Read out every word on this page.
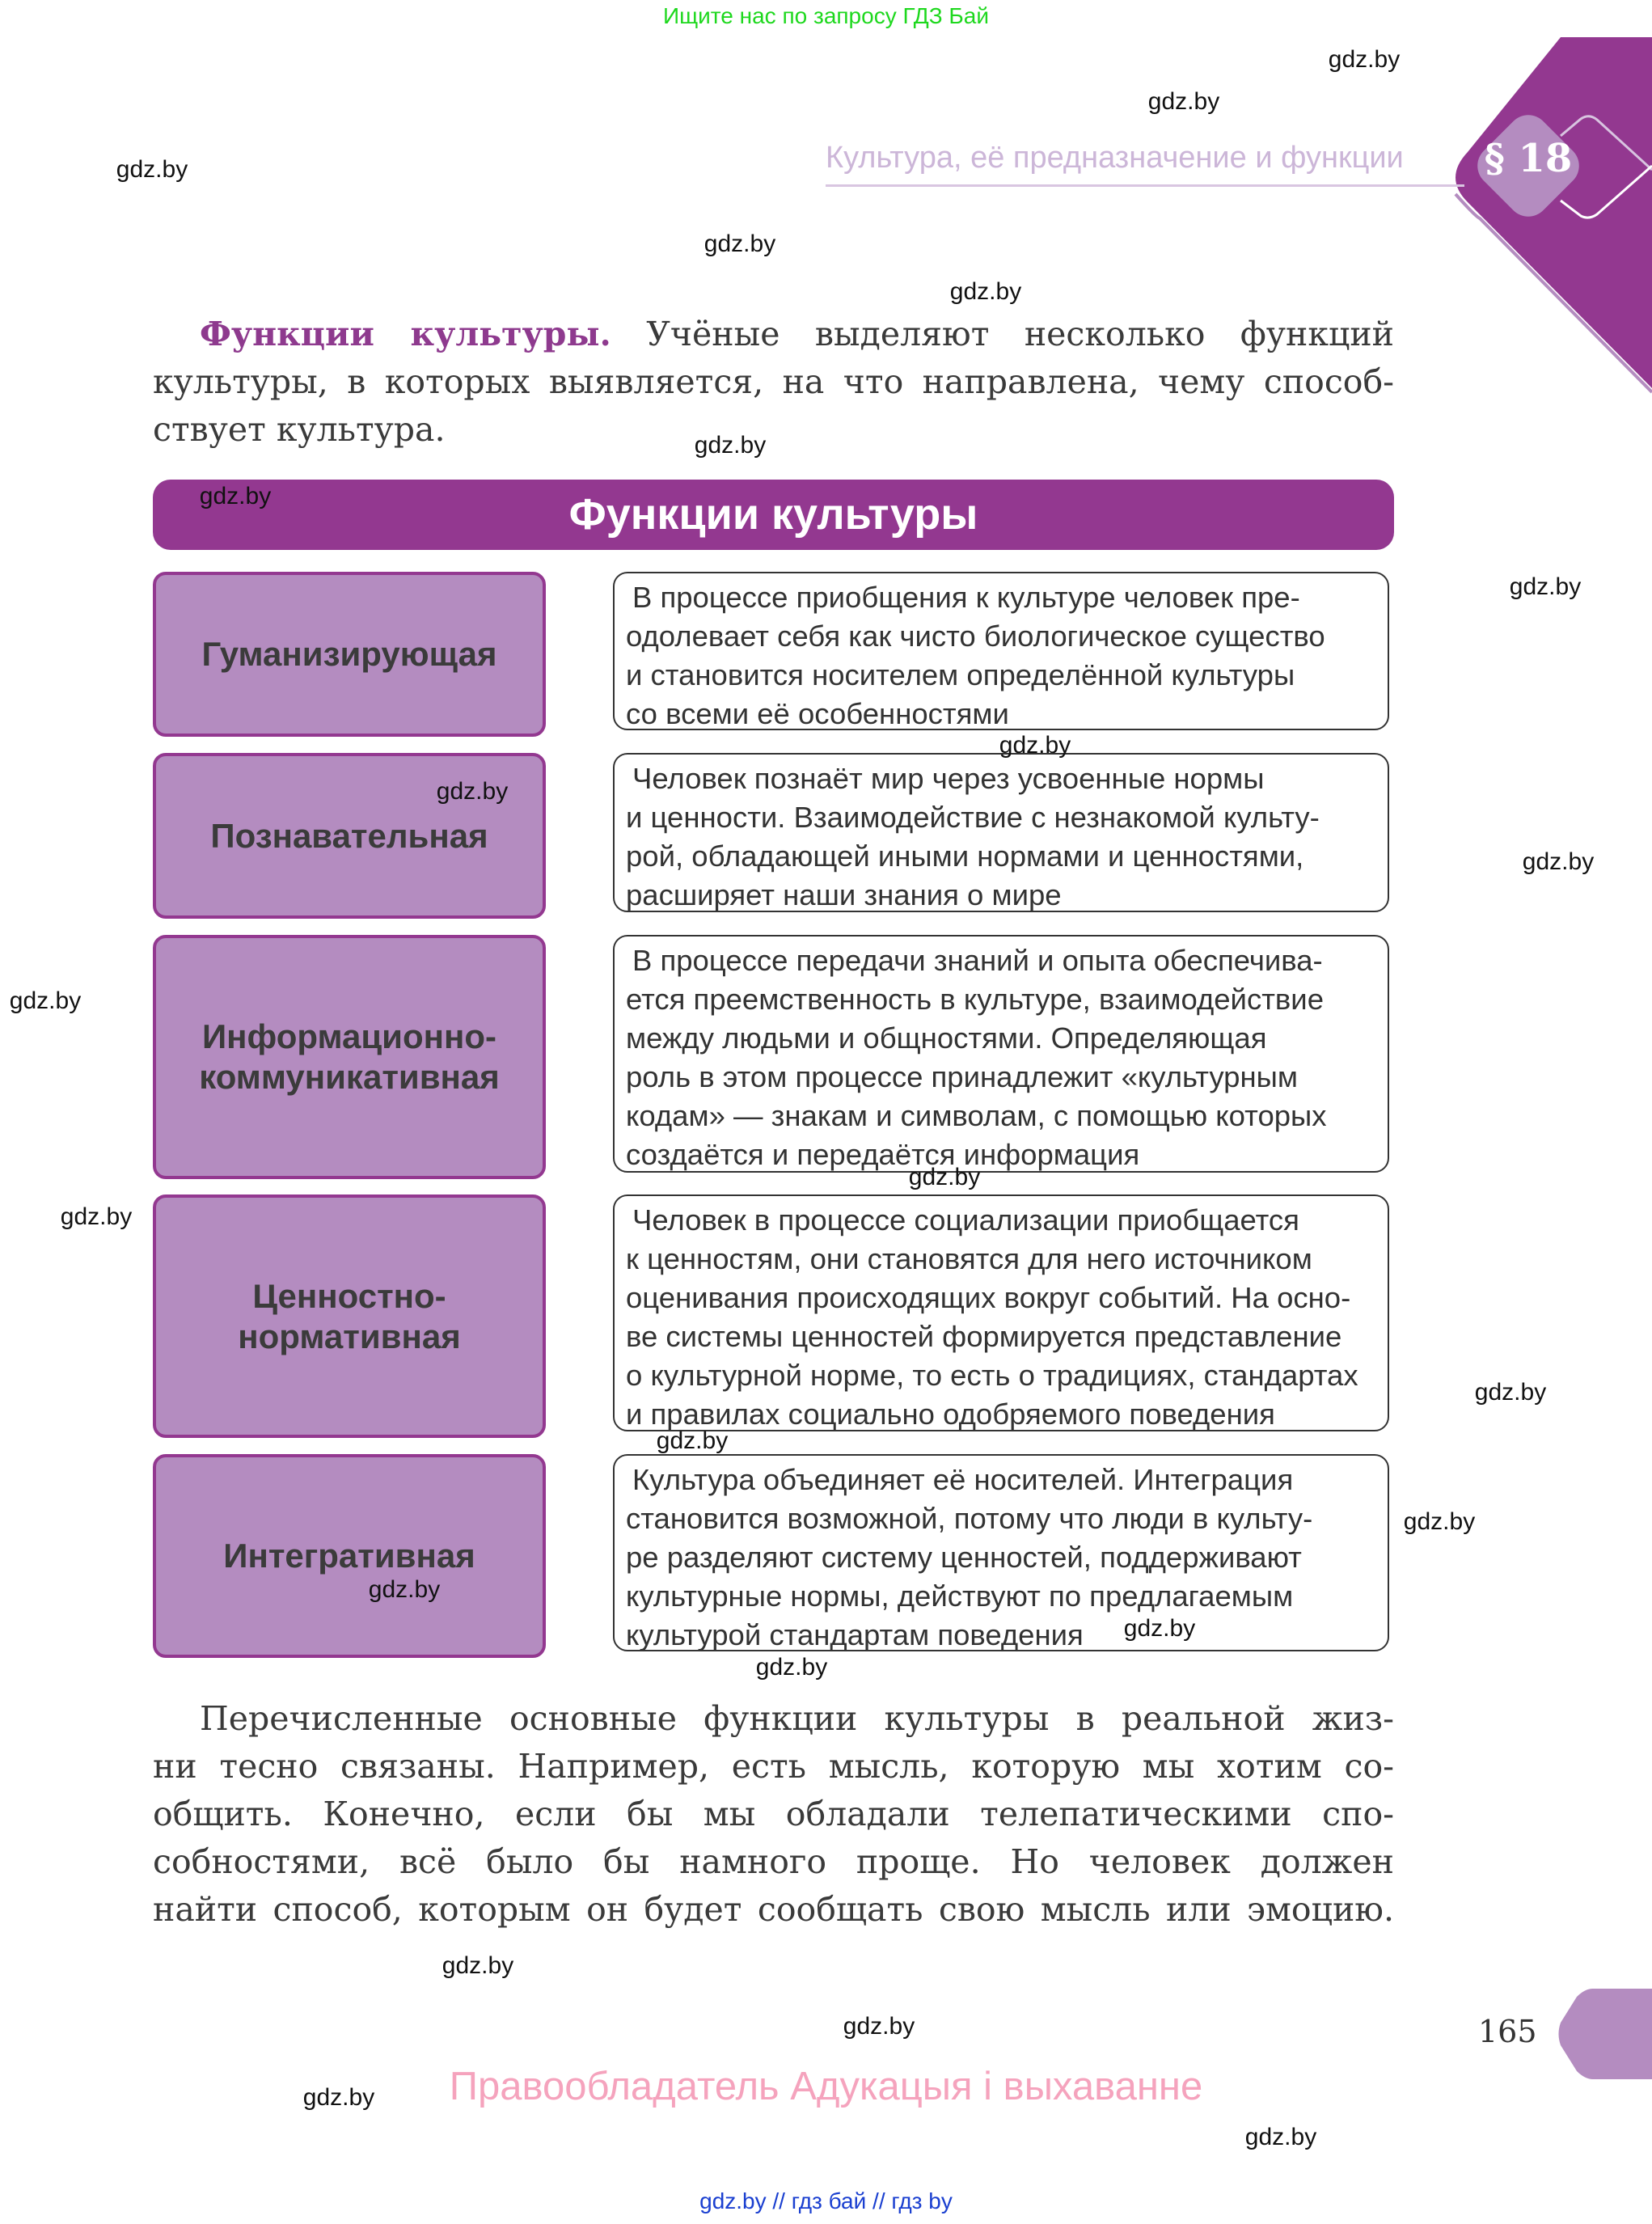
Ищите нас по запросу ГДЗ Бай
§ 18
Культура, её предназначение и функции
Функции культуры. Учёные выделяют несколько функций
культуры, в которых выявляется, на что направлена, чему способ-
ствует культура.
Функции культуры
Гуманизирующая
В процессе приобщения к культуре человек пре-
одолевает себя как чисто биологическое существо
и становится носителем определённой культуры
со всеми её особенностями
Познавательная
Человек познаёт мир через усвоенные нормы
и ценности. Взаимодействие с незнакомой культу-
рой, обладающей иными нормами и ценностями,
расширяет наши знания о мире
Информационно-
коммуникативная
В процессе передачи знаний и опыта обеспечива-
ется преемственность в культуре, взаимодействие
между людьми и общностями. Определяющая
роль в этом процессе принадлежит «культурным
кодам» — знакам и символам, с помощью которых
создаётся и передаётся информация
Ценностно-
нормативная
Человек в процессе социализации приобщается
к ценностям, они становятся для него источником
оценивания происходящих вокруг событий. На осно-
ве системы ценностей формируется представление
о культурной норме, то есть о традициях, стандартах
и правилах социально одобряемого поведения
Интегративная
Культура объединяет её носителей. Интеграция
становится возможной, потому что люди в культу-
ре разделяют систему ценностей, поддерживают
культурные нормы, действуют по предлагаемым
культурой стандартам поведения
Перечисленные основные функции культуры в реальной жиз-
ни тесно связаны. Например, есть мысль, которую мы хотим со-
общить. Конечно, если бы мы обладали телепатическими спо-
собностями, всё было бы намного проще. Но человек должен
найти способ, которым он будет сообщать свою мысль или эмоцию.
165
Правообладатель Адукацыя і выхаванне
gdz.by // гдз бай // гдз by
gdz.by
gdz.by
gdz.by
gdz.by
gdz.by
gdz.by
gdz.by
gdz.by
gdz.by
gdz.by
gdz.by
gdz.by
gdz.by
gdz.by
gdz.by
gdz.by
gdz.by
gdz.by
gdz.by
gdz.by
gdz.by
gdz.by
gdz.by
gdz.by
